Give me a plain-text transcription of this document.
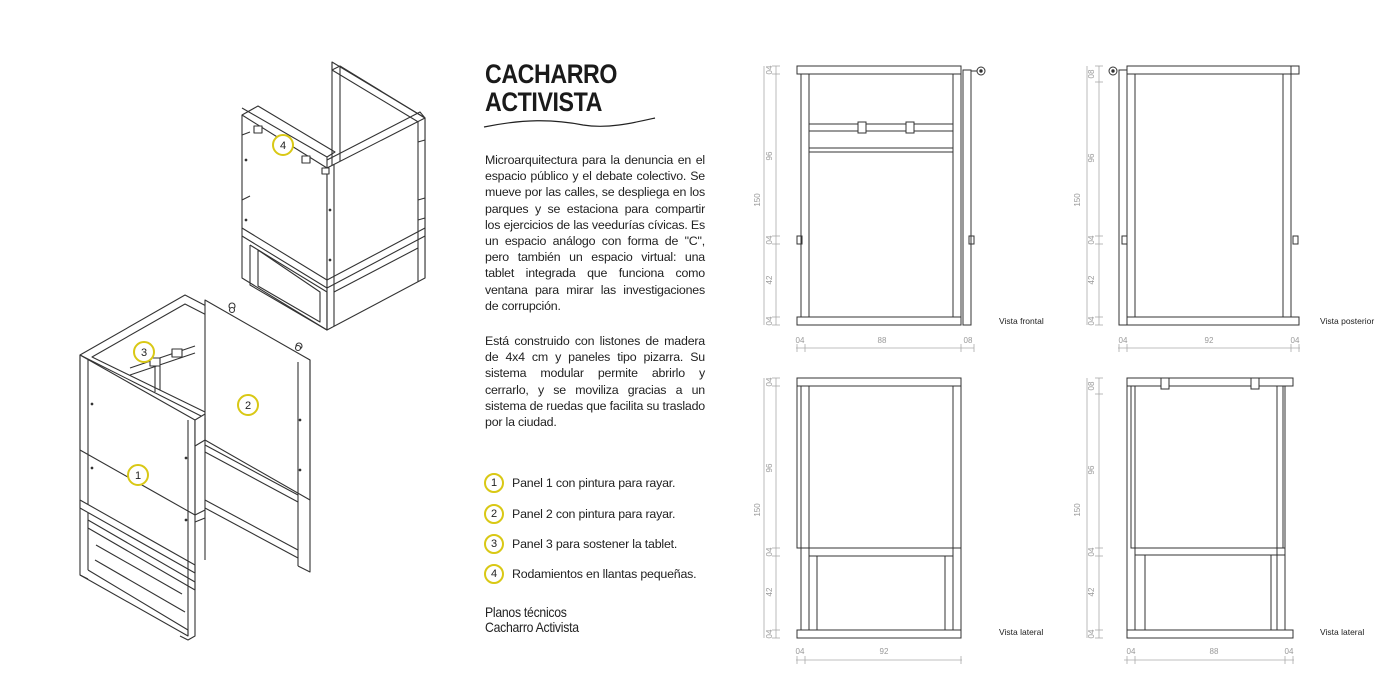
4
3
2
1
CACHARRO
ACTIVISTA
Microarquitectura para la denuncia en el espacio público y el debate colectivo. Se mueve por las calles, se despliega en los parques y se estaciona para compartir los ejercicios de las veedurías cívicas. Es un espacio análogo con forma de "C", pero también un espacio virtual: una tablet integrada que funciona como ventana para mirar las investigaciones de corrupción.
Está construido con listones de madera de 4x4 cm y paneles tipo pizarra. Su sistema modular permite abrirlo y cerrarlo, y se moviliza gracias a un sistema de ruedas que facilita su traslado por la ciudad.
1	Panel 1 con pintura para rayar.
2	Panel 2 con pintura para rayar.
3	Panel 3 para sostener la tablet.
4	Rodamientos en llantas pequeñas.
Planos técnicos
Cacharro Activista
150
04
96
04
42
04
04	88	08
150
08
96
04
42
04
04	92	04
150
04
96
04
42
04
04	92
150
08
96
04
42
04
04	88	04
Vista frontal	Vista posterior
Vista lateral	Vista lateral
